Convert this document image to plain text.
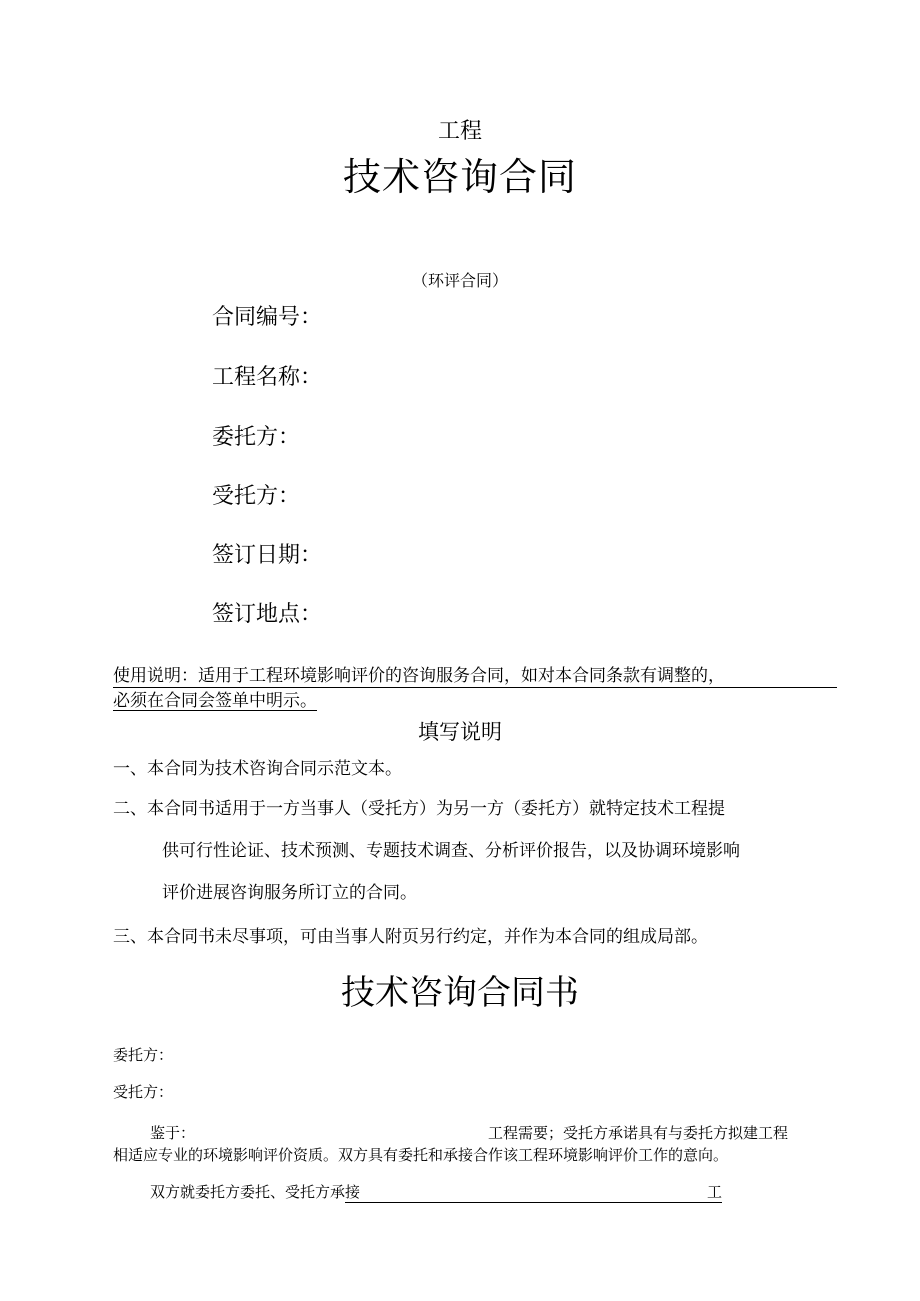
工程
技术咨询合同
（环评合同）
合同编号：
工程名称：
委托方：
受托方：
签订日期：
签订地点：
使用说明：适用于工程环境影响评价的咨询服务合同，如对本合同条款有调整的，
必须在合同会签单中明示。
填写说明
一、本合同为技术咨询合同示范文本。
二、本合同书适用于一方当事人（受托方）为另一方（委托方）就特定技术工程提
供可行性论证、技术预测、专题技术调查、分析评价报告，以及协调环境影响
评价进展咨询服务所订立的合同。
三、本合同书未尽事项，可由当事人附页另行约定，并作为本合同的组成局部。
技术咨询合同书
委托方：
受托方：
鉴于：	工程需要；受托方承诺具有与委托方拟建工程
相适应专业的环境影响评价资质。双方具有委托和承接合作该工程环境影响评价工作的意向。
双方就委托方委托、受托方承接	工
